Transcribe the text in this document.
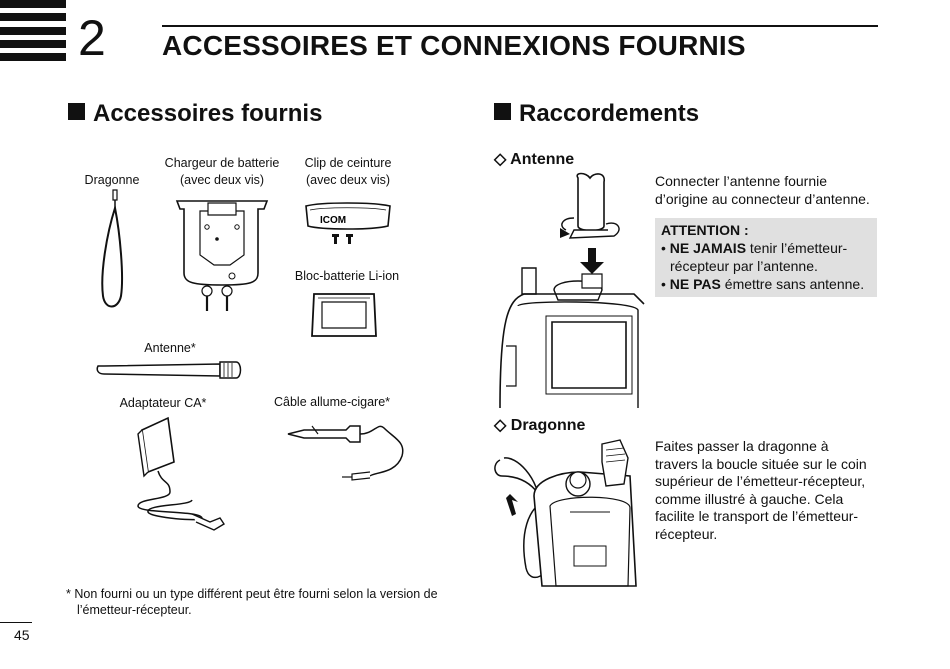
2 ACCESSOIRES ET CONNEXIONS FOURNIS
Accessoires fournis
Dragonne
Chargeur de batterie
(avec deux vis)
Clip de ceinture
(avec deux vis)
Bloc-batterie Li-ion
Antenne*
Adaptateur CA*	Câble allume-cigare*
ICOM
* Non fourni ou un type différent peut être fourni selon la version de
l’émetteur-récepteur.
Raccordements
◇ Antenne
Connecter l’antenne fournie
d’origine au connecteur d’antenne.
ATTENTION :
• NE JAMAIS tenir l’émetteur-
récepteur par l’antenne.
• NE PAS émettre sans antenne.
◇ Dragonne
Faites passer la dragonne à
travers la boucle située sur le coin
supérieur de l’émetteur-récepteur,
comme illustré à gauche. Cela
facilite le transport de l’émetteur-
récepteur.
45
